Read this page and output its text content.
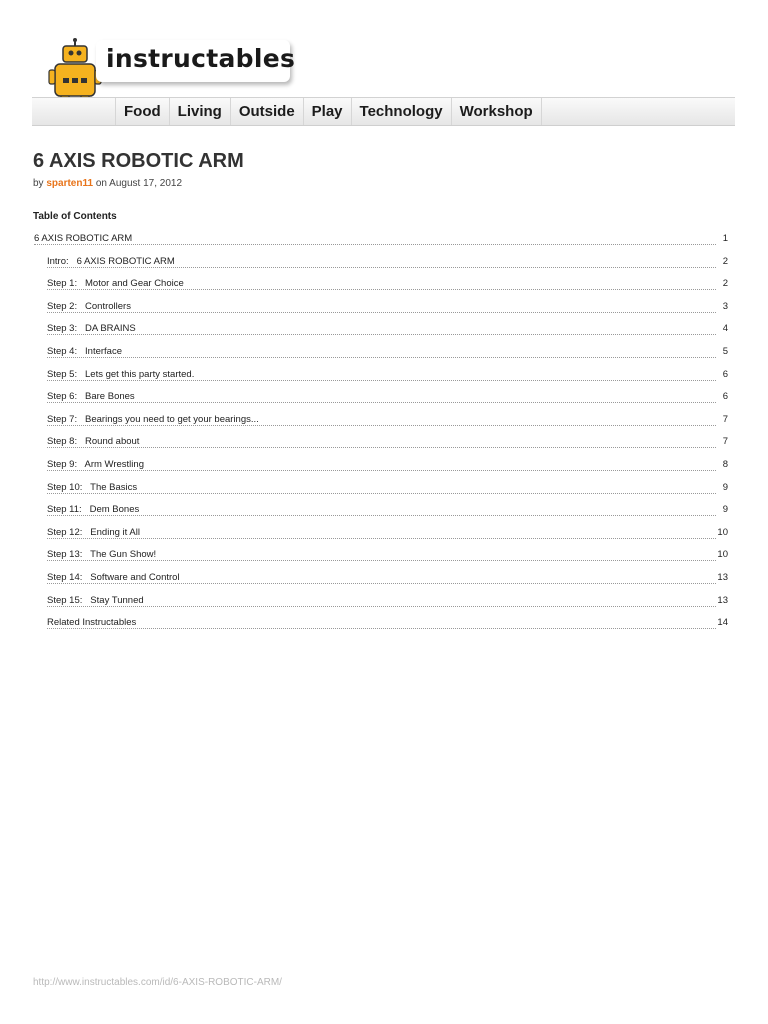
instructables
Food	Living	Outside	Play	Technology	Workshop
6 AXIS ROBOTIC ARM
by sparten11 on August 17, 2012
Table of Contents
6 AXIS ROBOTIC ARM	1
Intro:   6 AXIS ROBOTIC ARM	2
Step 1:   Motor and Gear Choice	2
Step 2:   Controllers	3
Step 3:   DA BRAINS	4
Step 4:   Interface	5
Step 5:   Lets get this party started.	6
Step 6:   Bare Bones	6
Step 7:   Bearings you need to get your bearings...	7
Step 8:   Round about	7
Step 9:   Arm Wrestling	8
Step 10:   The Basics	9
Step 11:   Dem Bones	9
Step 12:   Ending it All	10
Step 13:   The Gun Show!	10
Step 14:   Software and Control	13
Step 15:   Stay Tunned	13
Related Instructables	14
http://www.instructables.com/id/6-AXIS-ROBOTIC-ARM/
